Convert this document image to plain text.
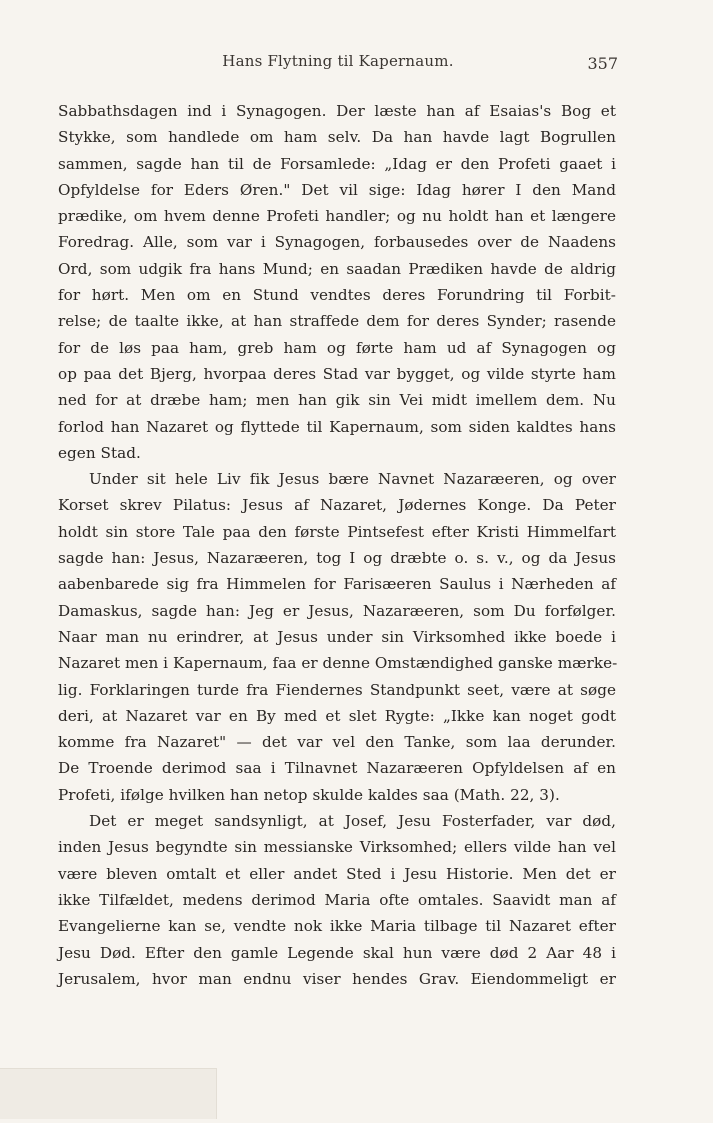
Hans Flytning til Kapernaum.	357
Sabbathsdagen ind i Synagogen. Der læste han af Esaias's Bog et
Stykke, som handlede om ham selv. Da han havde lagt Bogrullen
sammen, sagde han til de Forsamlede: „Idag er den Profeti gaaet i
Opfyldelse for Eders Øren." Det vil sige: Idag hører I den Mand
prædike, om hvem denne Profeti handler; og nu holdt han et længere
Foredrag. Alle, som var i Synagogen, forbausedes over de Naadens
Ord, som udgik fra hans Mund; en saadan Prædiken havde de aldrig
for hørt. Men om en Stund vendtes deres Forundring til Forbit-
relse; de taalte ikke, at han straffede dem for deres Synder; rasende
for de løs paa ham, greb ham og førte ham ud af Synagogen og
op paa det Bjerg, hvorpaa deres Stad var bygget, og vilde styrte ham
ned for at dræbe ham; men han gik sin Vei midt imellem dem. Nu
forlod han Nazaret og flyttede til Kapernaum, som siden kaldtes hans
egen Stad.
Under sit hele Liv fik Jesus bære Navnet Nazaræeren, og over
Korset skrev Pilatus: Jesus af Nazaret, Jødernes Konge. Da Peter
holdt sin store Tale paa den første Pintsefest efter Kristi Himmelfart
sagde han: Jesus, Nazaræeren, tog I og dræbte o. s. v., og da Jesus
aabenbarede sig fra Himmelen for Farisæeren Saulus i Nærheden af
Damaskus, sagde han: Jeg er Jesus, Nazaræeren, som Du forfølger.
Naar man nu erindrer, at Jesus under sin Virksomhed ikke boede i
Nazaret men i Kapernaum, faa er denne Omstændighed ganske mærke-
lig. Forklaringen turde fra Fiendernes Standpunkt seet, være at søge
deri, at Nazaret var en By med et slet Rygte: „Ikke kan noget godt
komme fra Nazaret" — det var vel den Tanke, som laa derunder.
De Troende derimod saa i Tilnavnet Nazaræeren Opfyldelsen af en
Profeti, ifølge hvilken han netop skulde kaldes saa (Math. 22, 3).
Det er meget sandsynligt, at Josef, Jesu Fosterfader, var død,
inden Jesus begyndte sin messianske Virksomhed; ellers vilde han vel
være bleven omtalt et eller andet Sted i Jesu Historie. Men det er
ikke Tilfældet, medens derimod Maria ofte omtales. Saavidt man af
Evangelierne kan se, vendte nok ikke Maria tilbage til Nazaret efter
Jesu Død. Efter den gamle Legende skal hun være død 2 Aar 48 i
Jerusalem, hvor man endnu viser hendes Grav. Eiendommeligt er
